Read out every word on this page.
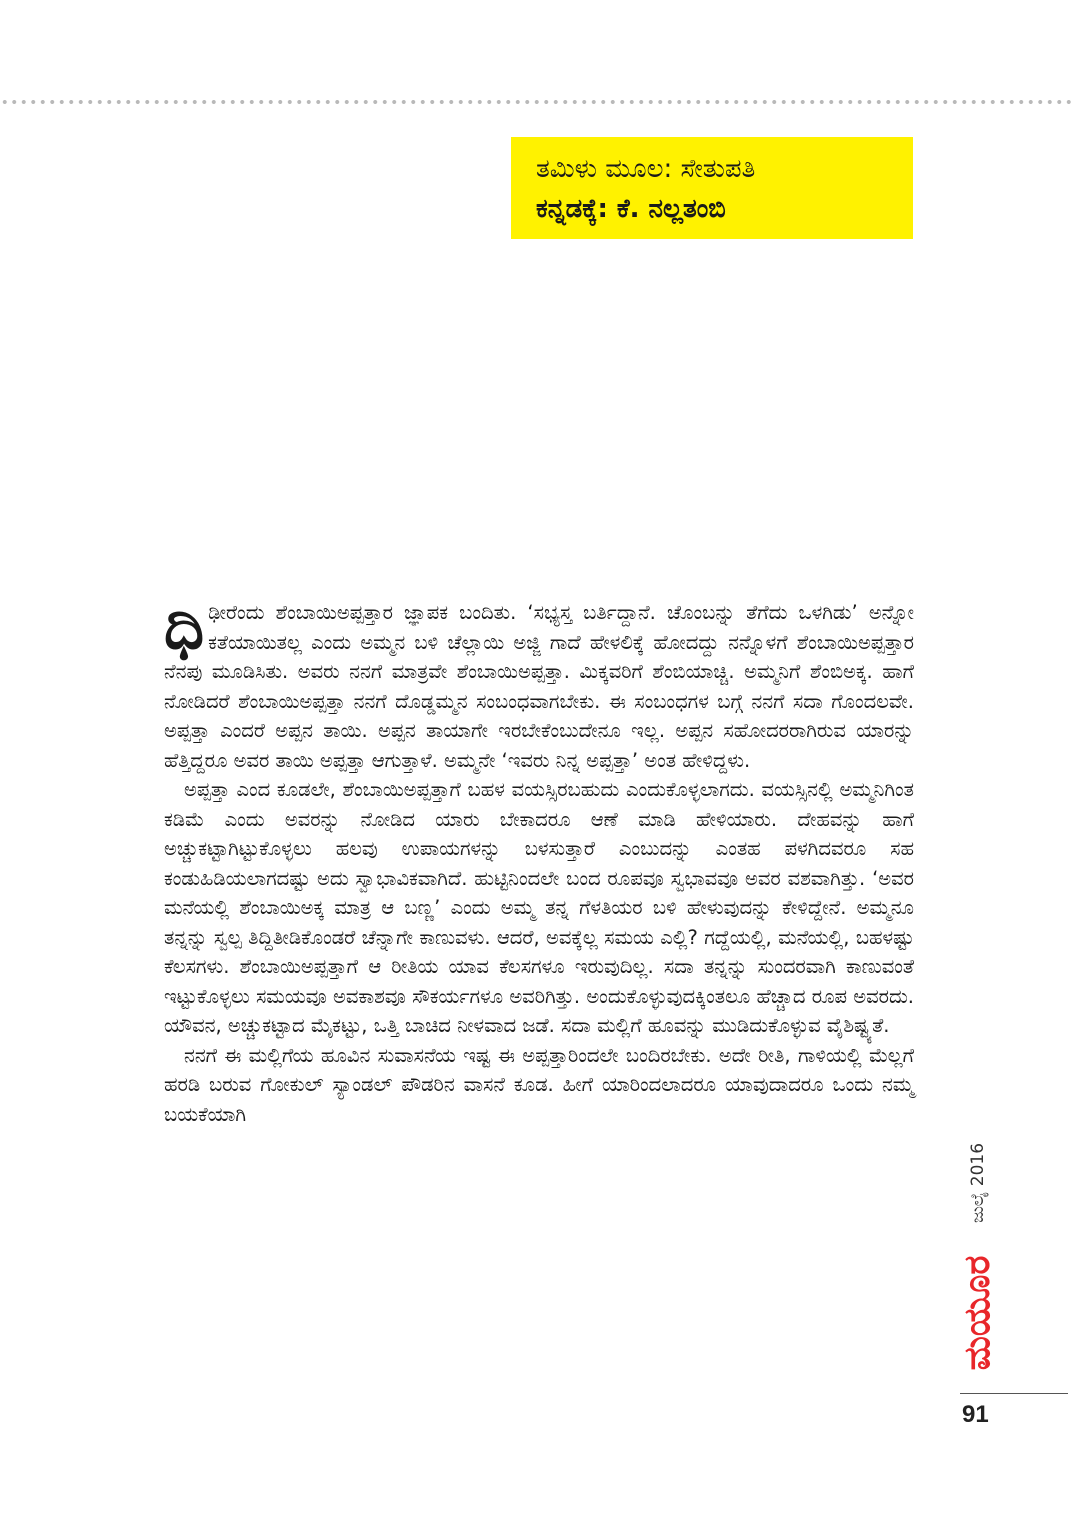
ತಮಿಳು ಮೂಲ: ಸೇತುಪತಿ
ಕನ್ನಡಕ್ಕೆ: ಕೆ. ನಲ್ಲತಂಬಿ

ಧಿಢೀರೆಂದು ಶೆಂಬಾಯಿಅಪ್ಪತ್ತಾರ ಜ್ಞಾಪಕ ಬಂದಿತು. ‘ಸಭ್ಯಸ್ತ ಬರ್ತಿದ್ದಾನೆ. ಚೊಂಬನ್ನು ತೆಗೆದು ಒಳಗಿಡು’ ಅನ್ನೋ ಕತೆಯಾಯಿತಲ್ಲ ಎಂದು ಅಮ್ಮನ ಬಳಿ ಚೆಲ್ಲಾಯಿ ಅಜ್ಜಿ ಗಾದೆ ಹೇಳಲಿಕ್ಕೆ ಹೋದದ್ದು ನನ್ನೊಳಗೆ ಶೆಂಬಾಯಿಅಪ್ಪತ್ತಾರ ನೆನಪು ಮೂಡಿಸಿತು. ಅವರು ನನಗೆ ಮಾತ್ರವೇ ಶೆಂಬಾಯಿಅಪ್ಪತ್ತಾ. ಮಿಕ್ಕವರಿಗೆ ಶೆಂಬಿಯಾಚ್ಚಿ. ಅಮ್ಮನಿಗೆ ಶೆಂಬಿಅಕ್ಕ. ಹಾಗೆ ನೋಡಿದರೆ ಶೆಂಬಾಯಿಅಪ್ಪತ್ತಾ ನನಗೆ ದೊಡ್ಡಮ್ಮನ ಸಂಬಂಧವಾಗಬೇಕು. ಈ ಸಂಬಂಧಗಳ ಬಗ್ಗೆ ನನಗೆ ಸದಾ ಗೊಂದಲವೇ. ಅಪ್ಪತ್ತಾ ಎಂದರೆ ಅಪ್ಪನ ತಾಯಿ. ಅಪ್ಪನ ತಾಯಾಗೇ ಇರಬೇಕೆಂಬುದೇನೂ ಇಲ್ಲ. ಅಪ್ಪನ ಸಹೋದರರಾಗಿರುವ ಯಾರನ್ನು ಹೆತ್ತಿದ್ದರೂ ಅವರ ತಾಯಿ ಅಪ್ಪತ್ತಾ ಆಗುತ್ತಾಳೆ. ಅಮ್ಮನೇ ‘ಇವರು ನಿನ್ನ ಅಪ್ಪತ್ತಾ’ ಅಂತ ಹೇಳಿದ್ದಳು.

ಅಪ್ಪತ್ತಾ ಎಂದ ಕೂಡಲೇ, ಶೆಂಬಾಯಿಅಪ್ಪತ್ತಾಗೆ ಬಹಳ ವಯಸ್ಸಿರಬಹುದು ಎಂದುಕೊಳ್ಳಲಾಗದು. ವಯಸ್ಸಿನಲ್ಲಿ ಅಮ್ಮನಿಗಿಂತ ಕಡಿಮೆ ಎಂದು ಅವರನ್ನು ನೋಡಿದ ಯಾರು ಬೇಕಾದರೂ ಆಣೆ ಮಾಡಿ ಹೇಳಿಯಾರು. ದೇಹವನ್ನು ಹಾಗೆ ಅಚ್ಚುಕಟ್ಟಾಗಿಟ್ಟುಕೊಳ್ಳಲು ಹಲವು ಉಪಾಯಗಳನ್ನು ಬಳಸುತ್ತಾರೆ ಎಂಬುದನ್ನು ಎಂತಹ ಪಳಗಿದವರೂ ಸಹ ಕಂಡುಹಿಡಿಯಲಾಗದಷ್ಟು ಅದು ಸ್ವಾಭಾವಿಕವಾಗಿದೆ. ಹುಟ್ಟಿನಿಂದಲೇ ಬಂದ ರೂಪವೂ ಸ್ವಭಾವವೂ ಅವರ ವಶವಾಗಿತ್ತು. ‘ಅವರ ಮನೆಯಲ್ಲಿ ಶೆಂಬಾಯಿಅಕ್ಕ ಮಾತ್ರ ಆ ಬಣ್ಣ’ ಎಂದು ಅಮ್ಮ ತನ್ನ ಗೆಳತಿಯರ ಬಳಿ ಹೇಳುವುದನ್ನು ಕೇಳಿದ್ದೇನೆ. ಅಮ್ಮನೂ ತನ್ನನ್ನು ಸ್ವಲ್ಪ ತಿದ್ದಿತೀಡಿಕೊಂಡರೆ ಚೆನ್ನಾಗೇ ಕಾಣುವಳು. ಆದರೆ, ಅವಕ್ಕೆಲ್ಲ ಸಮಯ ಎಲ್ಲಿ? ಗದ್ದೆಯಲ್ಲಿ, ಮನೆಯಲ್ಲಿ, ಬಹಳಷ್ಟು ಕೆಲಸಗಳು. ಶೆಂಬಾಯಿಅಪ್ಪತ್ತಾಗೆ ಆ ರೀತಿಯ ಯಾವ ಕೆಲಸಗಳೂ ಇರುವುದಿಲ್ಲ. ಸದಾ ತನ್ನನ್ನು ಸುಂದರವಾಗಿ ಕಾಣುವಂತೆ ಇಟ್ಟುಕೊಳ್ಳಲು ಸಮಯವೂ ಅವಕಾಶವೂ ಸೌಕರ್ಯಗಳೂ ಅವರಿಗಿತ್ತು. ಅಂದುಕೊಳ್ಳುವುದಕ್ಕಿಂತಲೂ ಹೆಚ್ಚಾದ ರೂಪ ಅವರದು. ಯೌವನ, ಅಚ್ಚುಕಟ್ಟಾದ ಮೈಕಟ್ಟು, ಒತ್ತಿ ಬಾಚಿದ ನೀಳವಾದ ಜಡೆ. ಸದಾ ಮಲ್ಲಿಗೆ ಹೂವನ್ನು ಮುಡಿದುಕೊಳ್ಳುವ ವೈಶಿಷ್ಟ್ಯತೆ.

ನನಗೆ ಈ ಮಲ್ಲಿಗೆಯ ಹೂವಿನ ಸುವಾಸನೆಯ ಇಷ್ಟ ಈ ಅಪ್ಪತ್ತಾರಿಂದಲೇ ಬಂದಿರಬೇಕು. ಅದೇ ರೀತಿ, ಗಾಳಿಯಲ್ಲಿ ಮೆಲ್ಲಗೆ ಹರಡಿ ಬರುವ ಗೋಕುಲ್ ಸ್ಯಾಂಡಲ್ ಪೌಡರಿನ ವಾಸನೆ ಕೂಡ. ಹೀಗೆ ಯಾರಿಂದಲಾದರೂ ಯಾವುದಾದರೂ ಒಂದು ನಮ್ಮ ಬಯಕೆಯಾಗಿ

ಜುಲೈ 2016
ಮಯೂರ
91
